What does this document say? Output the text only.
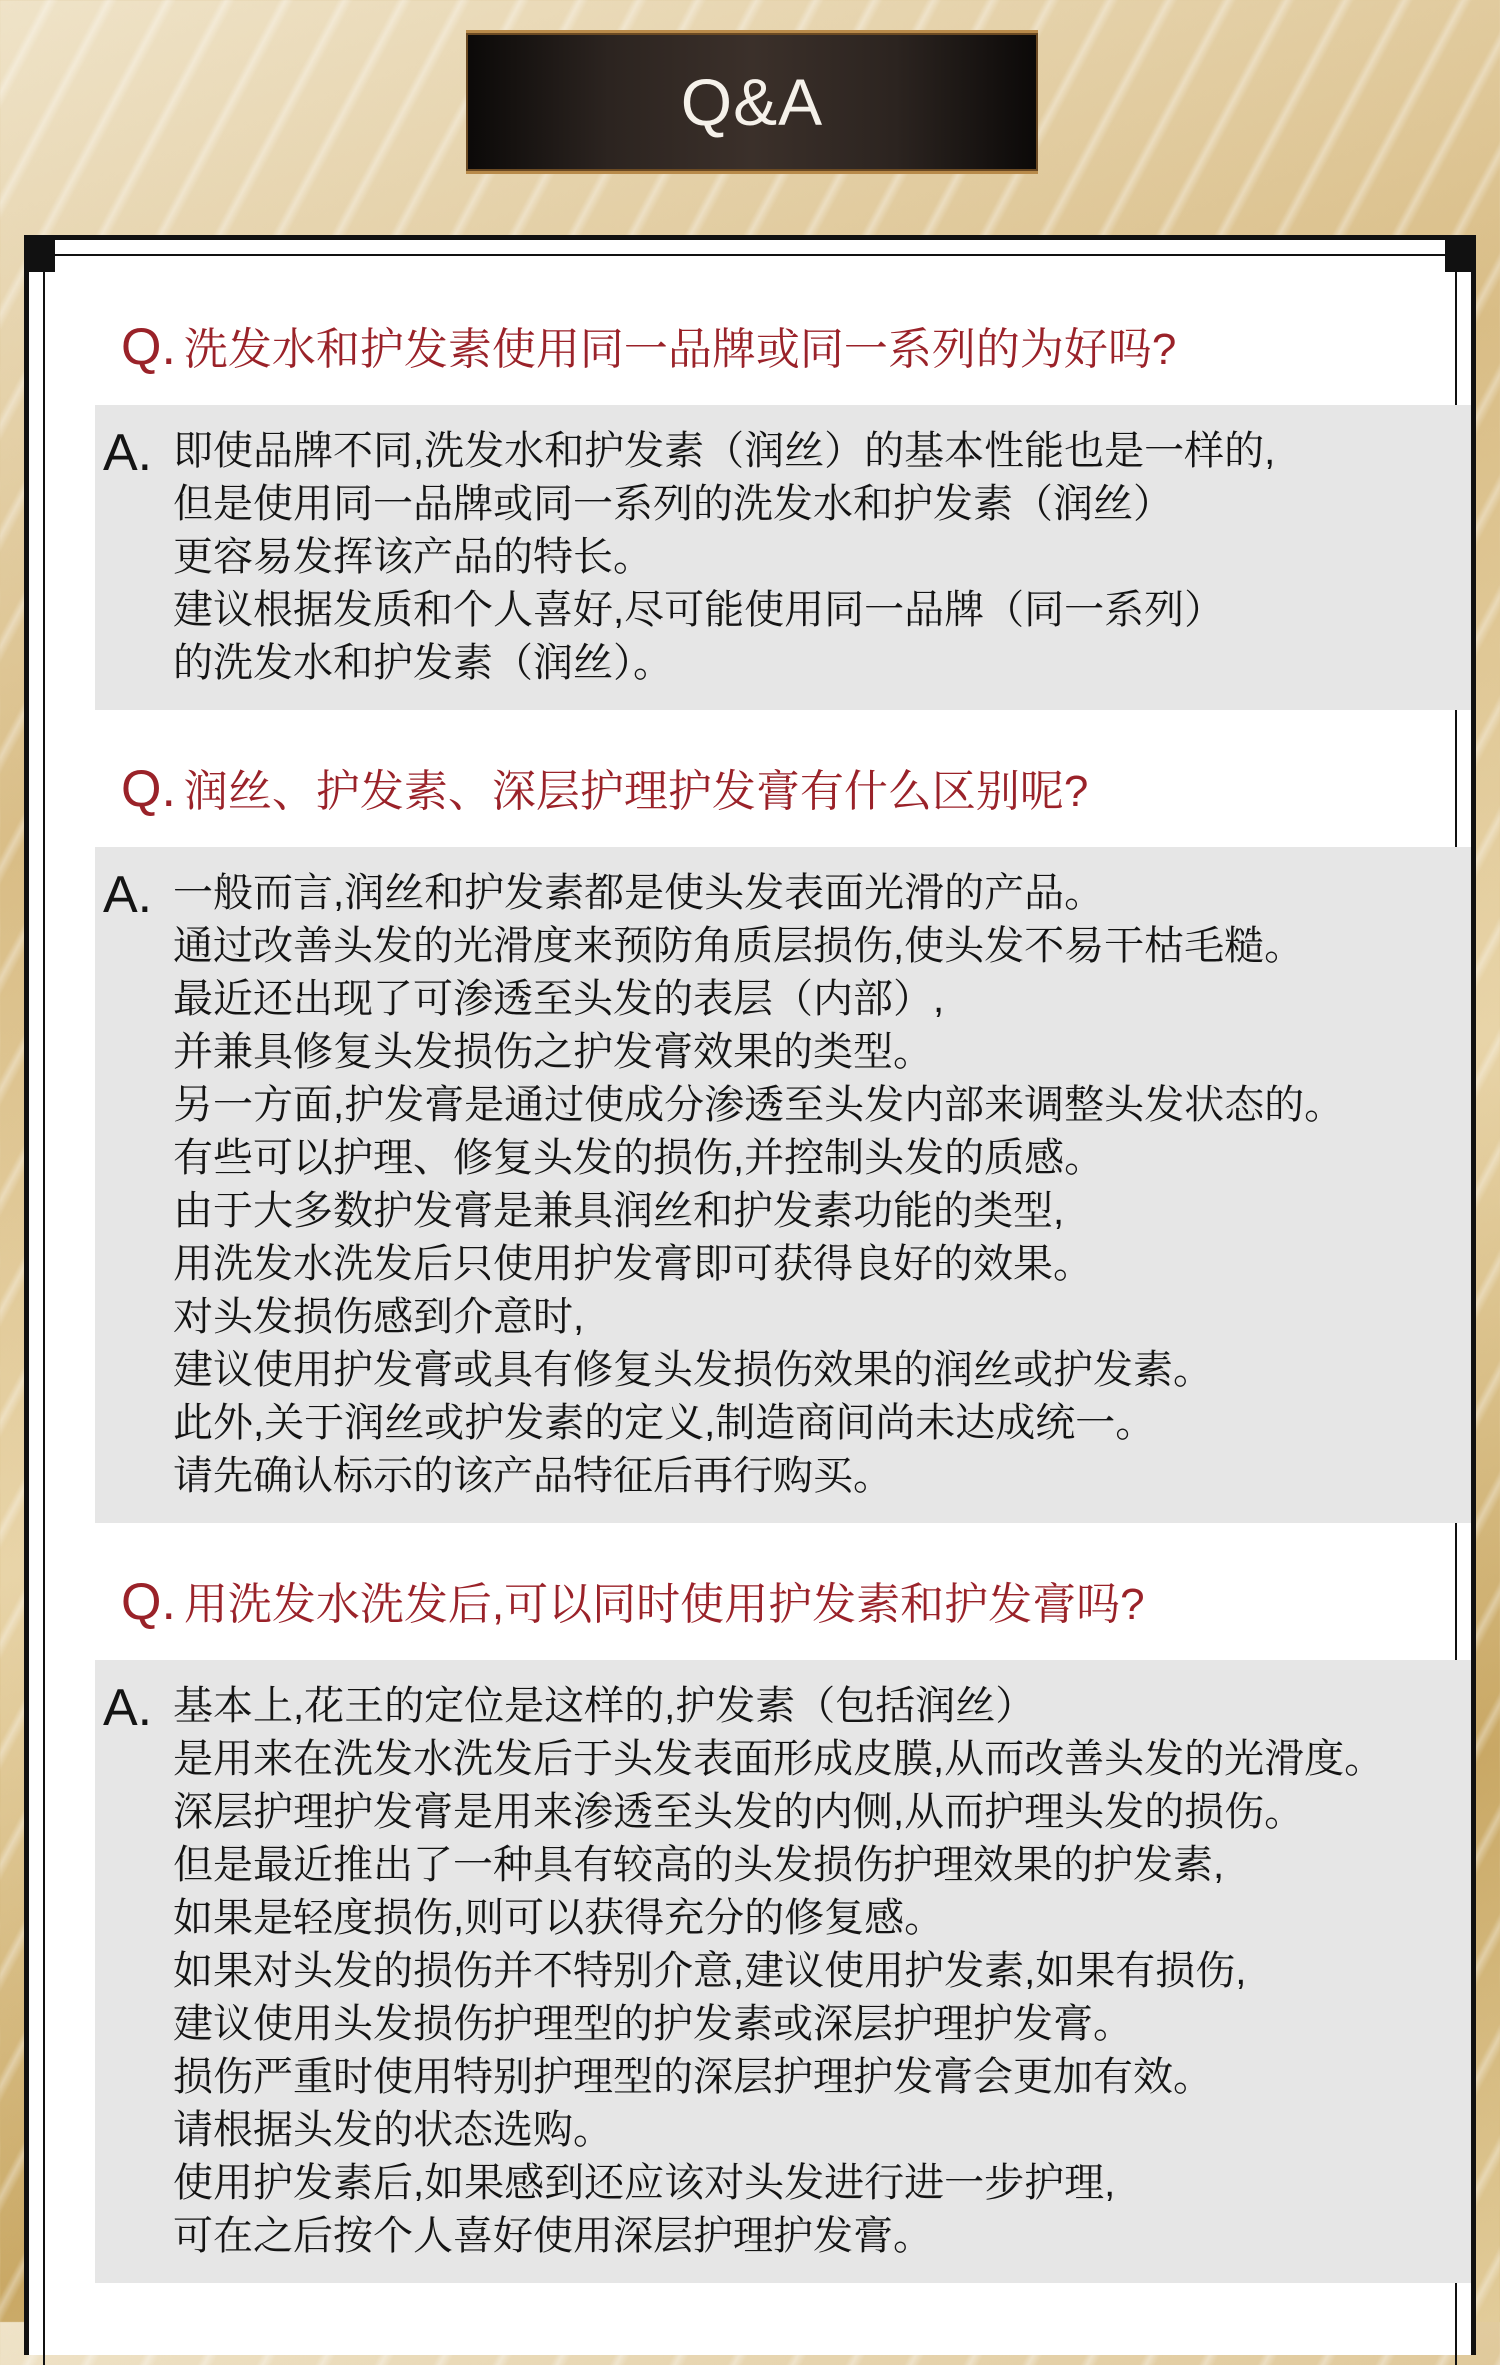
Q&A
Q. 洗发水和护发素使用同一品牌或同一系列的为好吗?
A. 即使品牌不同,洗发水和护发素（润丝）的基本性能也是一样的,
但是使用同一品牌或同一系列的洗发水和护发素（润丝）
更容易发挥该产品的特长。
建议根据发质和个人喜好,尽可能使用同一品牌（同一系列）
的洗发水和护发素（润丝）。
Q. 润丝、护发素、深层护理护发膏有什么区别呢?
A. 一般而言,润丝和护发素都是使头发表面光滑的产品。
通过改善头发的光滑度来预防角质层损伤,使头发不易干枯毛糙。
最近还出现了可渗透至头发的表层（内部）,
并兼具修复头发损伤之护发膏效果的类型。
另一方面,护发膏是通过使成分渗透至头发内部来调整头发状态的。
有些可以护理、修复头发的损伤,并控制头发的质感。
由于大多数护发膏是兼具润丝和护发素功能的类型,
用洗发水洗发后只使用护发膏即可获得良好的效果。
对头发损伤感到介意时,
建议使用护发膏或具有修复头发损伤效果的润丝或护发素。
此外,关于润丝或护发素的定义,制造商间尚未达成统一。
请先确认标示的该产品特征后再行购买。
Q. 用洗发水洗发后,可以同时使用护发素和护发膏吗?
A. 基本上,花王的定位是这样的,护发素（包括润丝）
是用来在洗发水洗发后于头发表面形成皮膜,从而改善头发的光滑度。
深层护理护发膏是用来渗透至头发的内侧,从而护理头发的损伤。
但是最近推出了一种具有较高的头发损伤护理效果的护发素,
如果是轻度损伤,则可以获得充分的修复感。
如果对头发的损伤并不特别介意,建议使用护发素,如果有损伤,
建议使用头发损伤护理型的护发素或深层护理护发膏。
损伤严重时使用特别护理型的深层护理护发膏会更加有效。
请根据头发的状态选购。
使用护发素后,如果感到还应该对头发进行进一步护理,
可在之后按个人喜好使用深层护理护发膏。
